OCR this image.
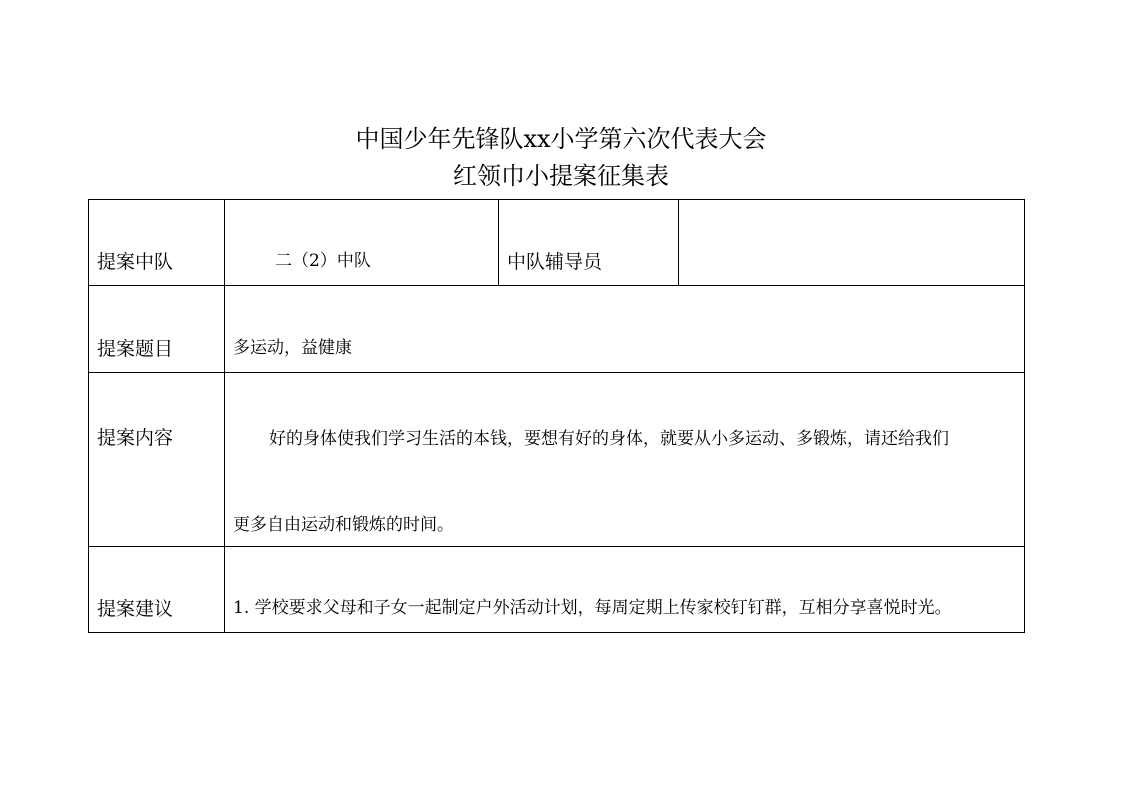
中国少年先锋队xx小学第六次代表大会
红领巾小提案征集表
提案中队	二（2）中队	中队辅导员	
提案题目	多运动，益健康		
提案内容	好的身体使我们学习生活的本钱，要想有好的身体，就要从小多运动、多锻炼，请还给我们
更多自由运动和锻炼的时间。		

提案建议	1. 学校要求父母和子女一起制定户外活动计划，每周定期上传家校钉钉群，互相分享喜悦时光。		
